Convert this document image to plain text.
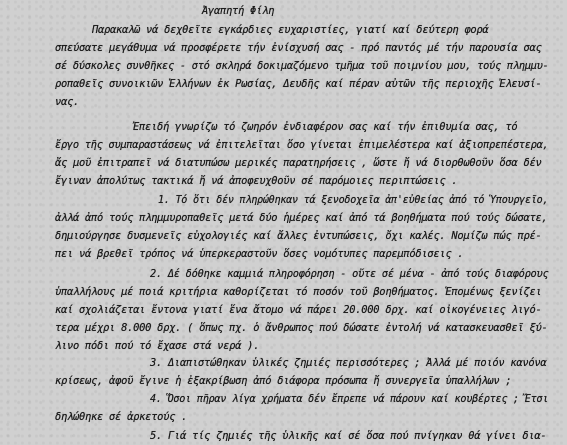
Ἀγαπητή Φίλη
Παρακαλῶ νά δεχθεῖτε εγκάρδιες ευχαριστίες, γιατί καί δεύτερη φορά
σπεύσατε μεγάθυμα νά προσφέρετε τήν ἐνίσχυσή σας - πρό παντός μέ τήν παρουσία σας
σέ δύσκολες συνθῆκες - στό σκληρά δοκιμαζόμενο τμῆμα τοῦ ποιμνίου μου, τούς πλημμυ-
ροπαθεῖς συνοικιῶν Ἑλλήνων ἐκ Ρωσίας, Δευδῆς καί πέραν αὐτῶν τῆς περιοχῆς Ἐλευσί-
νας.
Ἐπειδή γνωρίζω τό ζωηρόν ἐνδιαφέρον σας καί τήν ἐπιθυμία σας, τό
ἔργο τῆς συμπαραστάσεως νά ἐπιτελεῖται ὅσο γίνεται ἐπιμελέστερα καί ἀξιοπρεπέστερα,
ἄς μοῦ ἐπιτραπεῖ νά διατυπώσω μερικές παρατηρήσεις , ὥστε ἤ νά διορθωθοῦν ὅσα δέν
ἔγιναν ἀπολύτως τακτικά ἤ νά ἀποφευχθοῦν σέ παρόμοιες περιπτώσεις .
1. Τό ὅτι δέν πληρώθηκαν τά ξενοδοχεῖα ἀπ'εὐθείας ἀπό τό Ὑπουργεῖο,
ἀλλά ἀπό τούς πλημμυροπαθεῖς μετά δύο ἡμέρες καί ἀπό τά βοηθήματα πού τούς δώσατε,
δημιούργησε δυσμενεῖς εὐχολογιές καί ἄλλες ἐντυπώσεις, ὄχι καλές. Νομίζω πώς πρέ-
πει νά βρεθεῖ τρόπος νά ὑπερκεραστοῦν ὅσες νομότυπες παρεμπόδισεις .
2. Δέ δόθηκε καμμιά πληροφόρηση - οὔτε σέ μένα - ἀπό τούς διαφόρους
ὑπαλλήλους μέ ποιά κριτήρια καθορίζεται τό ποσόν τοῦ βοηθήματος. Ἑπομένως ξενίζει
καί σχολιάζεται ἔντονα γιατί ἕνα ἄτομο νά πάρει 20.000 δρχ. καί οἰκογένειες λιγό-
τερα μέχρι 8.000 δρχ. ( ὅπως πχ. ὁ ἄνθρωπος πού δώσατε ἐντολή νά κατασκευασθεῖ ξύ-
λινο πόδι πού τό ἔχασε στά νερά ).
3. Διαπιστώθηκαν ὑλικές ζημιές περισσότερες ; Ἀλλά μέ ποιόν κανόνα
κρίσεως, ἀφοῦ ἔγινε ἡ ἐξακρίβωση ἀπό διάφορα πρόσωπα ἤ συνεργεῖα ὑπαλλήλων ;
4. Ὅσοι πῆραν λίγα χρήματα δέν ἔπρεπε νά πάρουν καί κουβέρτες ; Ἔτσι
δηλώθηκε σέ ἀρκετούς .
5. Γιά τίς ζημιές τῆς ὑλικῆς καί σέ ὅσα πού πνίγηκαν θά γίνει δια-
